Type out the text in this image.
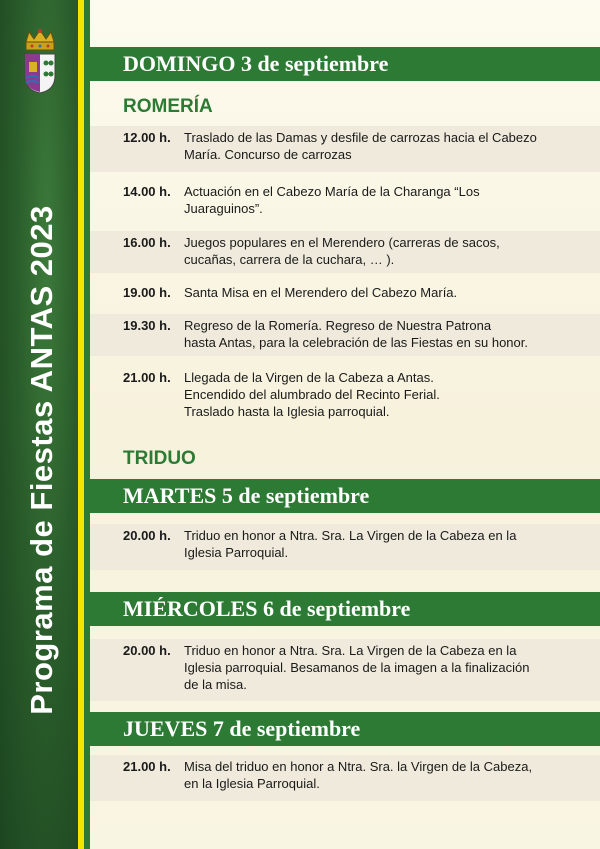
Programa de Fiestas ANTAS 2023
DOMINGO 3 de septiembre
ROMERÍA
12.00 h.	Traslado de las Damas y desfile de carrozas hacia el Cabezo
María. Concurso de carrozas
14.00 h.	Actuación en el Cabezo María de la Charanga “Los
Juaraguinos”.
16.00 h.	Juegos populares en el Merendero (carreras de sacos,
cucañas, carrera de la cuchara, … ).
19.00 h.	Santa Misa en el Merendero del Cabezo María.
19.30 h.	Regreso de la Romería. Regreso de Nuestra Patrona
hasta Antas, para la celebración de las Fiestas en su honor.
21.00 h.	Llegada de la Virgen de la Cabeza a Antas.
Encendido del alumbrado del Recinto Ferial.
Traslado hasta la Iglesia parroquial.
TRIDUO
MARTES 5 de septiembre
20.00 h.	Triduo en honor a Ntra. Sra. La Virgen de la Cabeza en la
Iglesia Parroquial.
MIÉRCOLES 6 de septiembre
20.00 h.	Triduo en honor a Ntra. Sra. La Virgen de la Cabeza en la
Iglesia parroquial. Besamanos de la imagen a la finalización
de la misa.
JUEVES 7 de septiembre
21.00 h.	Misa del triduo en honor a Ntra. Sra. la Virgen de la Cabeza,
en la Iglesia Parroquial.
